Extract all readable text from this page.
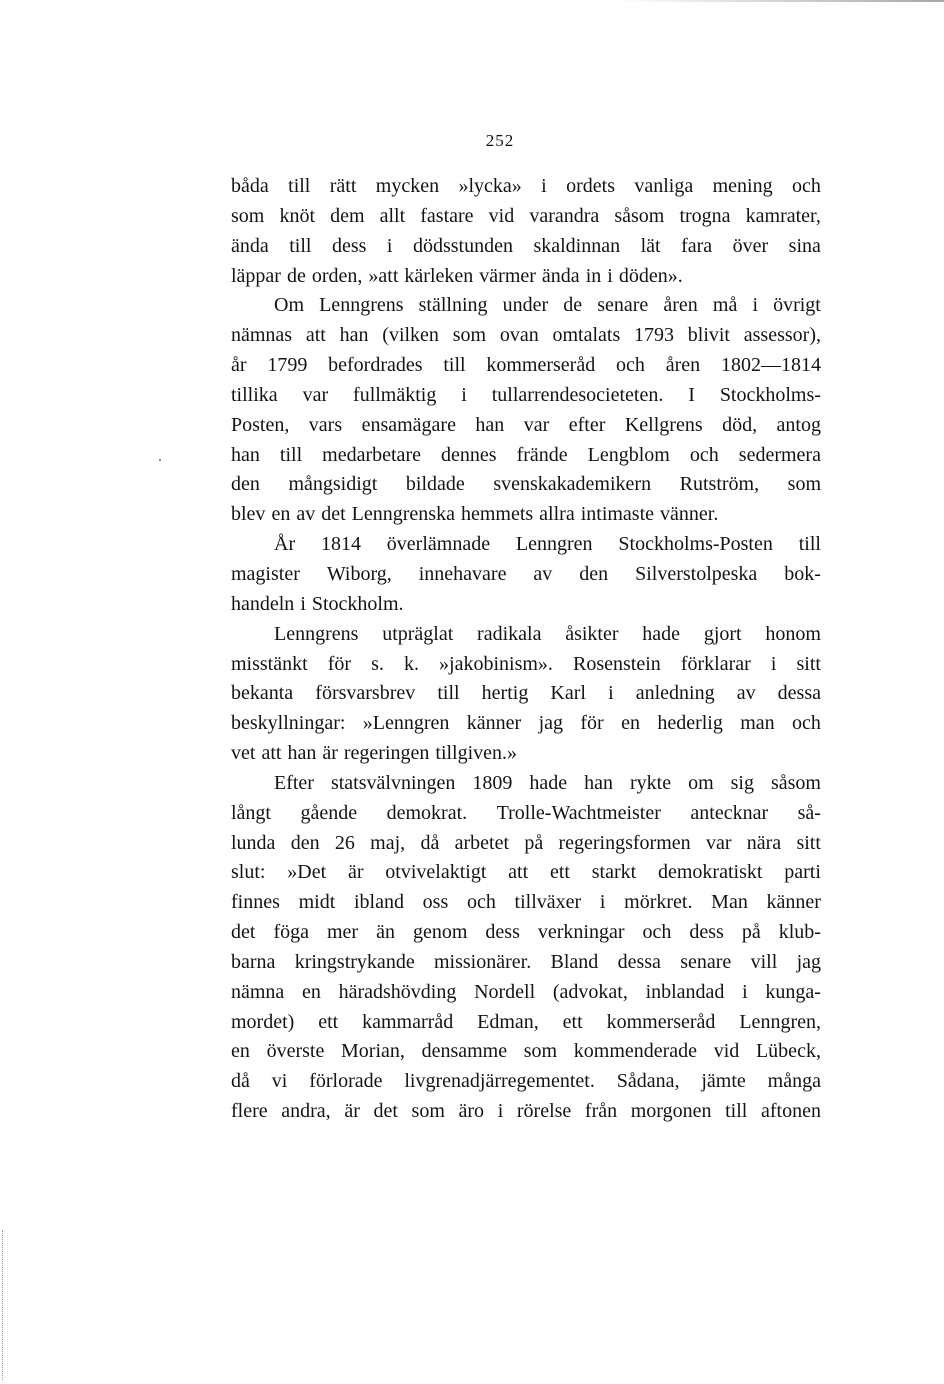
252
båda till rätt mycken »lycka» i ordets vanliga mening och
som knöt dem allt fastare vid varandra såsom trogna kamrater,
ända till dess i dödsstunden skaldinnan lät fara över sina
läppar de orden, »att kärleken värmer ända in i döden».
Om Lenngrens ställning under de senare åren må i övrigt
nämnas att han (vilken som ovan omtalats 1793 blivit assessor),
år 1799 befordrades till kommerseråd och åren 1802—1814
tillika var fullmäktig i tullarrendesocieteten. I Stockholms-
Posten, vars ensamägare han var efter Kellgrens död, antog
han till medarbetare dennes frände Lengblom och sedermera
den mångsidigt bildade svenskakademikern Rutström, som
blev en av det Lenngrenska hemmets allra intimaste vänner.
År 1814 överlämnade Lenngren Stockholms-Posten till
magister Wiborg, innehavare av den Silverstolpeska bok-
handeln i Stockholm.
Lenngrens utpräglat radikala åsikter hade gjort honom
misstänkt för s. k. »jakobinism». Rosenstein förklarar i sitt
bekanta försvarsbrev till hertig Karl i anledning av dessa
beskyllningar: »Lenngren känner jag för en hederlig man och
vet att han är regeringen tillgiven.»
Efter statsvälvningen 1809 hade han rykte om sig såsom
långt gående demokrat. Trolle-Wachtmeister antecknar så-
lunda den 26 maj, då arbetet på regeringsformen var nära sitt
slut: »Det är otvivelaktigt att ett starkt demokratiskt parti
finnes midt ibland oss och tillväxer i mörkret. Man känner
det föga mer än genom dess verkningar och dess på klub-
barna kringstrykande missionärer. Bland dessa senare vill jag
nämna en häradshövding Nordell (advokat, inblandad i kunga-
mordet) ett kammarråd Edman, ett kommerseråd Lenngren,
en överste Morian, densamme som kommenderade vid Lübeck,
då vi förlorade livgrenadjärregementet. Sådana, jämte många
flere andra, är det som äro i rörelse från morgonen till aftonen
